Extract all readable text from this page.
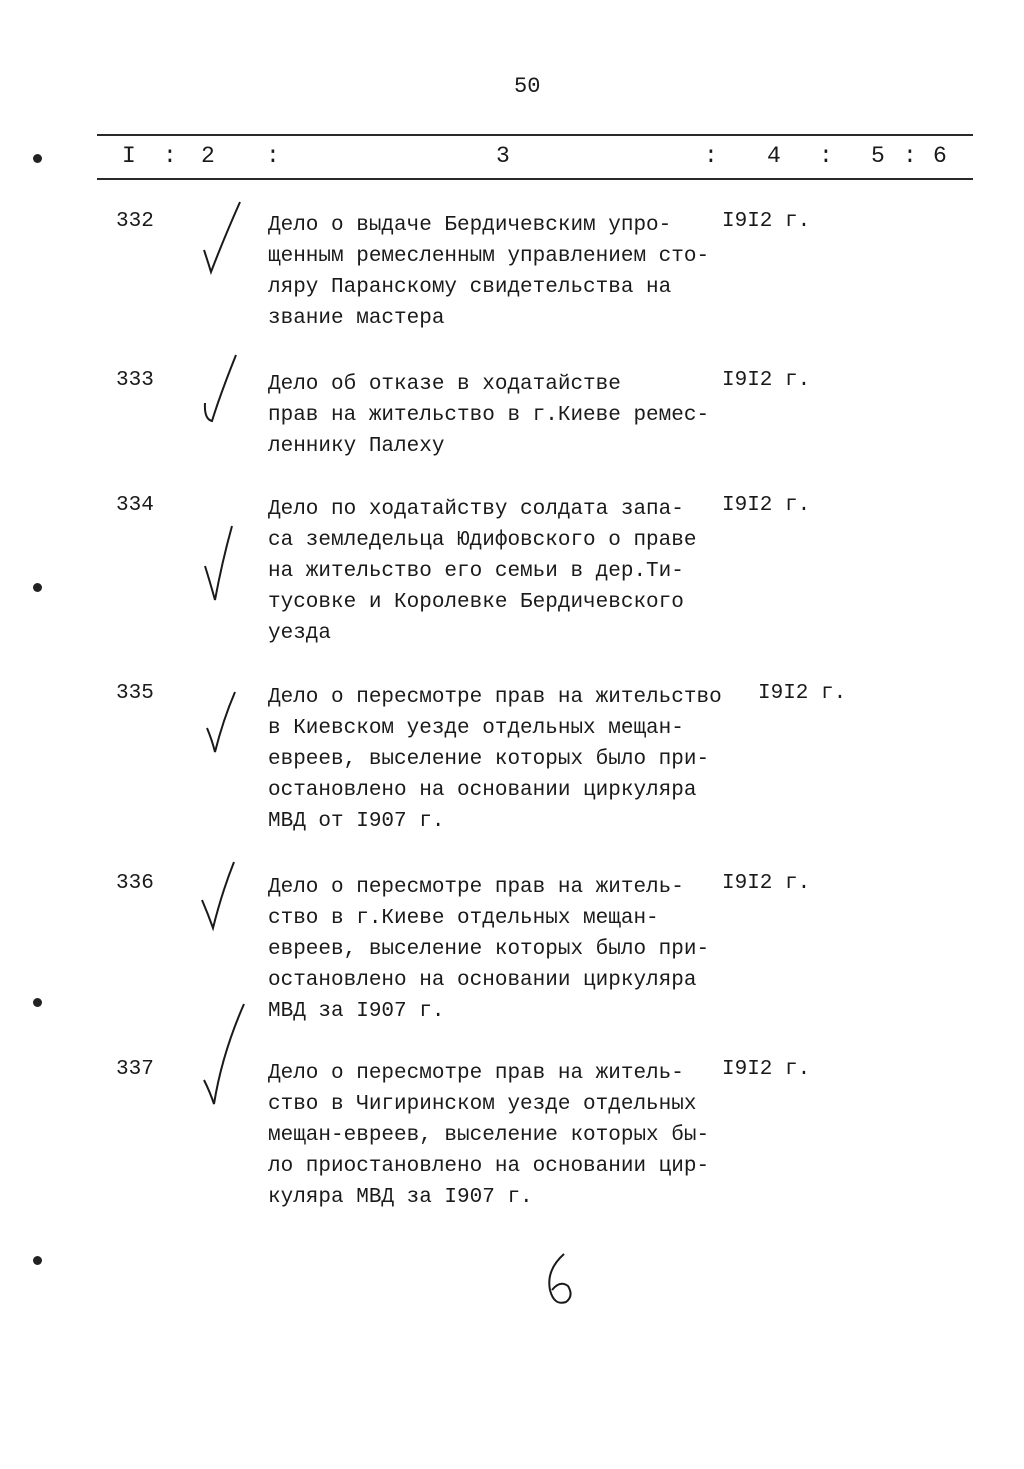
50
I : 2 :	3	: 4 : 5 : 6
332	Дело о выдаче Бердичевским упро-
щенным ремесленным управлением сто-
ляру Паранскому свидетельства на
звание мастера
I9I2 г.
333	Дело об отказе в ходатайстве
прав на жительство в г.Киеве ремес-
леннику Палеху
I9I2 г.
334	Дело по ходатайству солдата запа-
са земледельца Юдифовского о праве
на жительство его семьи в дер.Ти-
тусовке и Королевке Бердичевского
уезда
I9I2 г.
335	Дело о пересмотре прав на жительство
в Киевском уезде отдельных мещан-
евреев, выселение которых было при-
остановлено на основании циркуляра
МВД от I907 г.
I9I2 г.
336	Дело о пересмотре прав на житель-
ство в г.Киеве отдельных мещан-
евреев, выселение которых было при-
остановлено на основании циркуляра
МВД за I907 г.
I9I2 г.
337	Дело о пересмотре прав на житель-
ство в Чигиринском уезде отдельных
мещан-евреев, выселение которых бы-
ло приостановлено на основании цир-
куляра МВД за I907 г.
I9I2 г.
